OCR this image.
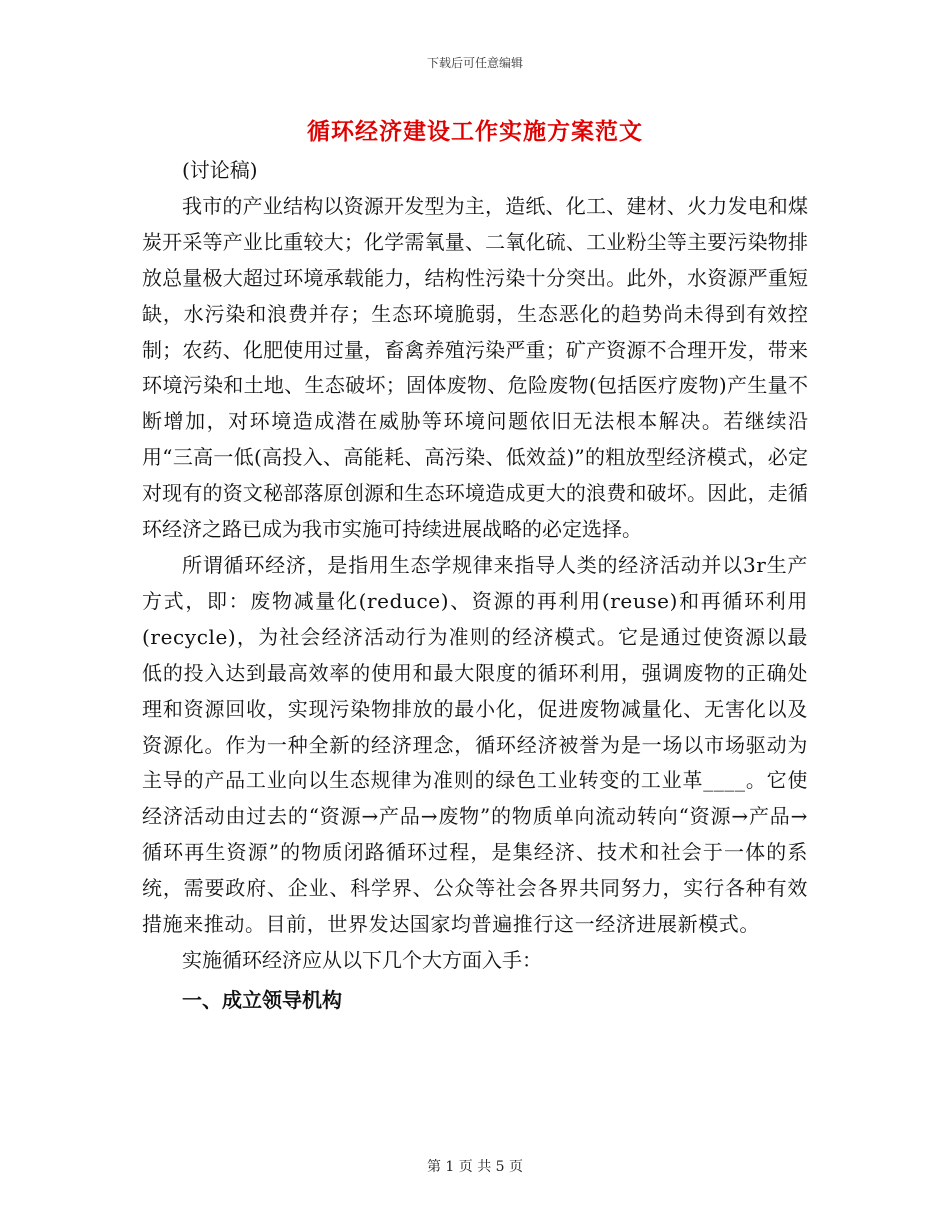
下载后可任意编辑
循环经济建设工作实施方案范文

(讨论稿)

我市的产业结构以资源开发型为主，造纸、化工、建材、火力发电和煤炭开采等产业比重较大；化学需氧量、二氧化硫、工业粉尘等主要污染物排放总量极大超过环境承载能力，结构性污染十分突出。此外，水资源严重短缺，水污染和浪费并存；生态环境脆弱，生态恶化的趋势尚未得到有效控制；农药、化肥使用过量，畜禽养殖污染严重；矿产资源不合理开发，带来环境污染和土地、生态破坏；固体废物、危险废物(包括医疗废物)产生量不断增加，对环境造成潜在威胁等环境问题依旧无法根本解决。若继续沿用“三高一低(高投入、高能耗、高污染、低效益)”的粗放型经济模式，必定对现有的资文秘部落原创源和生态环境造成更大的浪费和破坏。因此，走循环经济之路已成为我市实施可持续进展战略的必定选择。

所谓循环经济，是指用生态学规律来指导人类的经济活动并以3r生产方式，即：废物减量化(reduce)、资源的再利用(reuse)和再循环利用(recycle)，为社会经济活动行为准则的经济模式。它是通过使资源以最低的投入达到最高效率的使用和最大限度的循环利用，强调废物的正确处理和资源回收，实现污染物排放的最小化，促进废物减量化、无害化以及资源化。作为一种全新的经济理念，循环经济被誉为是一场以市场驱动为主导的产品工业向以生态规律为准则的绿色工业转变的工业革____。它使经济活动由过去的“资源→产品→废物”的物质单向流动转向“资源→产品→循环再生资源”的物质闭路循环过程，是集经济、技术和社会于一体的系统，需要政府、企业、科学界、公众等社会各界共同努力，实行各种有效措施来推动。目前，世界发达国家均普遍推行这一经济进展新模式。

实施循环经济应从以下几个大方面入手：

一、成立领导机构
第 1 页 共 5 页
